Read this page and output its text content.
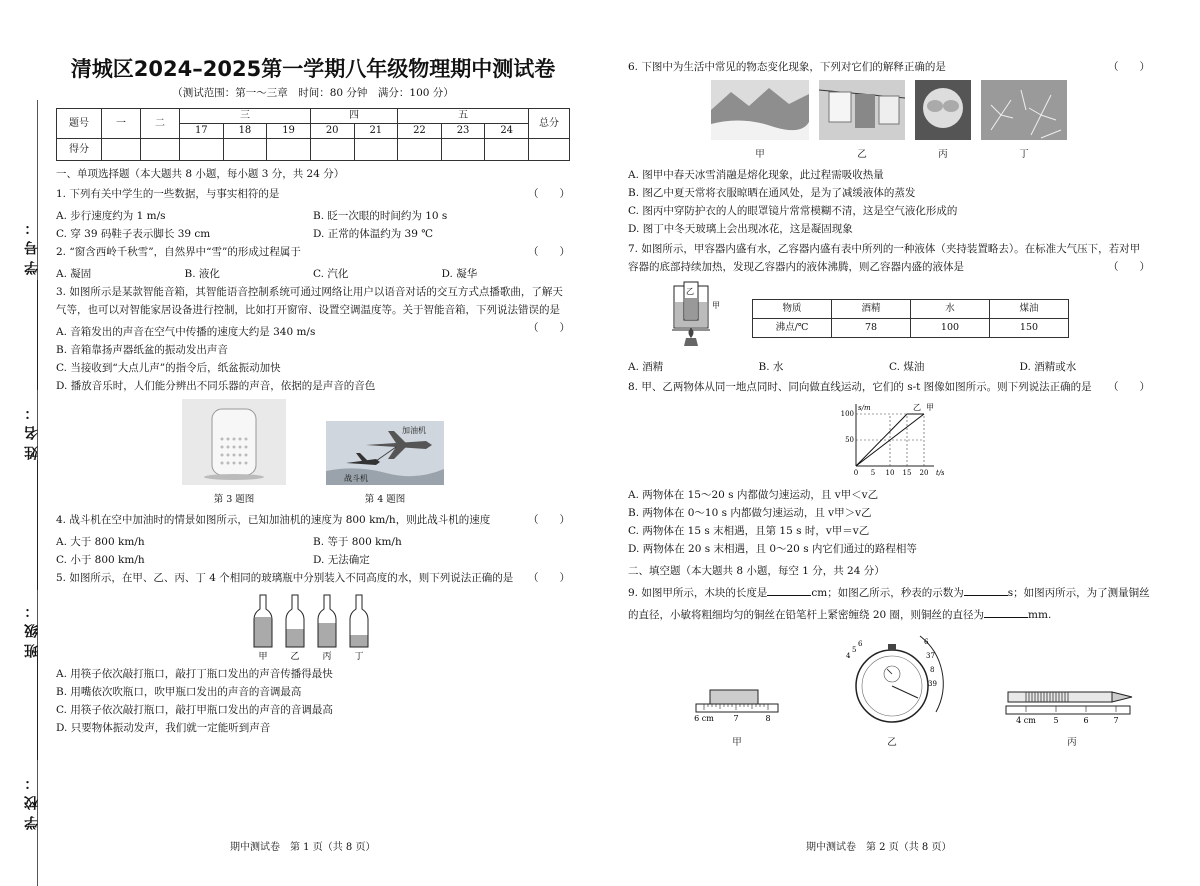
学号：
姓名：
班级：
学校：
清城区2024–2025第一学期八年级物理期中测试卷
（测试范围：第一～三章　时间：80 分钟　满分：100 分）
题号	一	二	三			四		五			总分
			17	18	19	20	21	22	23	24	
得分											
一、单项选择题（本大题共 8 小题，每小题 3 分，共 24 分）
1. 下列有关中学生的一些数据，与事实相符的是	（　　）
A. 步行速度约为 1 m/s	B. 眨一次眼的时间约为 10 s
C. 穿 39 码鞋子表示脚长 39 cm	D. 正常的体温约为 39 ℃
2. “窗含西岭千秋雪”，自然界中“雪”的形成过程属于	（　　）
A. 凝固	B. 液化	C. 汽化	D. 凝华
3. 如图所示是某款智能音箱，其智能语音控制系统可通过网络让用户以语音对话的交互方式点播歌曲，了解天气等，也可以对智能家居设备进行控制，比如打开窗帘、设置空调温度等。关于智能音箱，下列说法错误的是
（　　）
A. 音箱发出的声音在空气中传播的速度大约是 340 m/s
B. 音箱靠扬声器纸盆的振动发出声音
C. 当接收到“大点儿声”的指令后，纸盆振动加快
D. 播放音乐时，人们能分辨出不同乐器的声音，依据的是声音的音色
第 3 题图
加油机
战斗机
第 4 题图
4. 战斗机在空中加油时的情景如图所示，已知加油机的速度为 800 km/h，则此战斗机的速度	（　　）
A. 大于 800 km/h	B. 等于 800 km/h
C. 小于 800 km/h	D. 无法确定
5. 如图所示，在甲、乙、丙、丁 4 个相同的玻璃瓶中分别装入不同高度的水，则下列说法正确的是 （　　）
甲	乙	丙	丁
A. 用筷子依次敲打瓶口，敲打丁瓶口发出的声音传播得最快
B. 用嘴依次吹瓶口，吹甲瓶口发出的声音的音调最高
C. 用筷子依次敲打瓶口，敲打甲瓶口发出的声音的音调最高
D. 只要物体振动发声，我们就一定能听到声音
期中测试卷　第 1 页（共 8 页）
6. 下图中为生活中常见的物态变化现象，下列对它们的解释正确的是	（　　）
甲	乙	丙	丁
A. 图甲中春天冰雪消融是熔化现象，此过程需吸收热量
B. 图乙中夏天常将衣服晾晒在通风处，是为了减缓液体的蒸发
C. 图丙中穿防护衣的人的眼罩镜片常常模糊不清，这是空气液化形成的
D. 图丁中冬天玻璃上会出现冰花，这是凝固现象
7. 如图所示，甲容器内盛有水，乙容器内盛有表中所列的一种液体（夹持装置略去）。在标准大气压下，若对甲容器的底部持续加热，发现乙容器内的液体沸腾，则乙容器内盛的液体是	（　　）
乙
甲	物质	酒精	水	煤油
沸点/℃	78	100	150
A. 酒精	B. 水	C. 煤油	D. 酒精或水
8. 甲、乙两物体从同一地点同时、同向做直线运动，它们的 s-t 图像如图所示。则下列说法正确的是 （　　）
0 5 10 15 20
50
100
t/s
s/m	乙 甲
A. 两物体在 15～20 s 内都做匀速运动，且 v甲＜v乙
B. 两物体在 0～10 s 内都做匀速运动，且 v甲＞v乙
C. 两物体在 15 s 末相遇，且第 15 s 时，v甲＝v乙
D. 两物体在 20 s 末相遇，且 0～20 s 内它们通过的路程相等
二、填空题（本大题共 8 小题，每空 1 分，共 24 分）
9. 如图甲所示，木块的长度是	cm；如图乙所示，秒表的示数为	s；如图丙所示，为了测量铜丝的直径，小敏将粗细均匀的铜丝在铅笔杆上紧密缠绕 20 圈，则铜丝的直径为	mm.
6 cm 7	8
甲
4
5
6	6
37
8
39
乙
4 cm 5	6	7
丙
期中测试卷　第 2 页（共 8 页）
